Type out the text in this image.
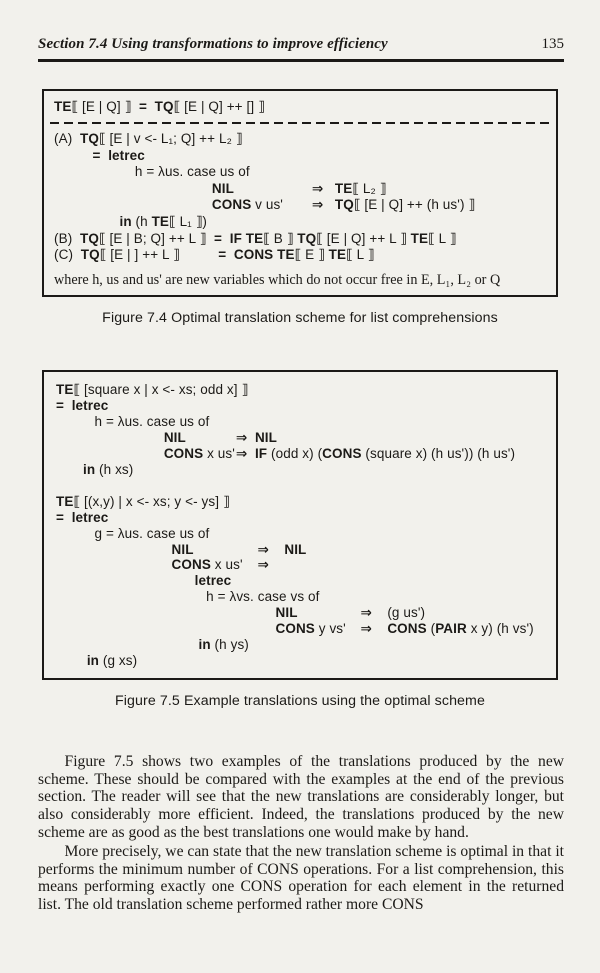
Section 7.4 Using transformations to improve efficiency	135
TE⟦ [E | Q] ⟧ = TQ⟦ [E | Q] ++ [] ⟧
(A)  TQ⟦ [E | v <- L₁; Q] ++ L₂ ⟧
= letrec
h = λus. case us of
NIL	⇒ TE⟦ L₂ ⟧
CONS v us' ⇒ TQ⟦ [E | Q] ++ (h us') ⟧
in (h TE⟦ L₁ ⟧)
(B)  TQ⟦ [E | B; Q] ++ L ⟧ = IF TE⟦ B ⟧ TQ⟦ [E | Q] ++ L ⟧ TE⟦ L ⟧
(C)  TQ⟦ [E | ] ++ L ⟧	= CONS TE⟦ E ⟧ TE⟦ L ⟧
where h, us and us' are new variables which do not occur free in E, L₁, L₂ or Q
Figure 7.4 Optimal translation scheme for list comprehensions
TE⟦ [square x | x <- xs; odd x] ⟧
= letrec
h = λus. case us of
NIL	⇒ NIL
CONS x us'⇒ IF (odd x) (CONS (square x) (h us')) (h us')
in (h xs)

TE⟦ [(x,y) | x <- xs; y <- ys] ⟧
= letrec
g = λus. case us of
NIL	⇒ NIL
CONS x us' ⇒
letrec
h = λvs. case vs of
NIL	⇒ (g us')
CONS y vs' ⇒ CONS (PAIR x y) (h vs')
in (h ys)
in (g xs)
Figure 7.5 Example translations using the optimal scheme

Figure 7.5 shows two examples of the translations produced by the new scheme. These should be compared with the examples at the end of the previous section. The reader will see that the new translations are considerably longer, but also considerably more efficient. Indeed, the translations produced by the new scheme are as good as the best translations one would make by hand.

More precisely, we can state that the new translation scheme is optimal in that it performs the minimum number of CONS operations. For a list comprehension, this means performing exactly one CONS operation for each element in the returned list. The old translation scheme performed rather more CONS
